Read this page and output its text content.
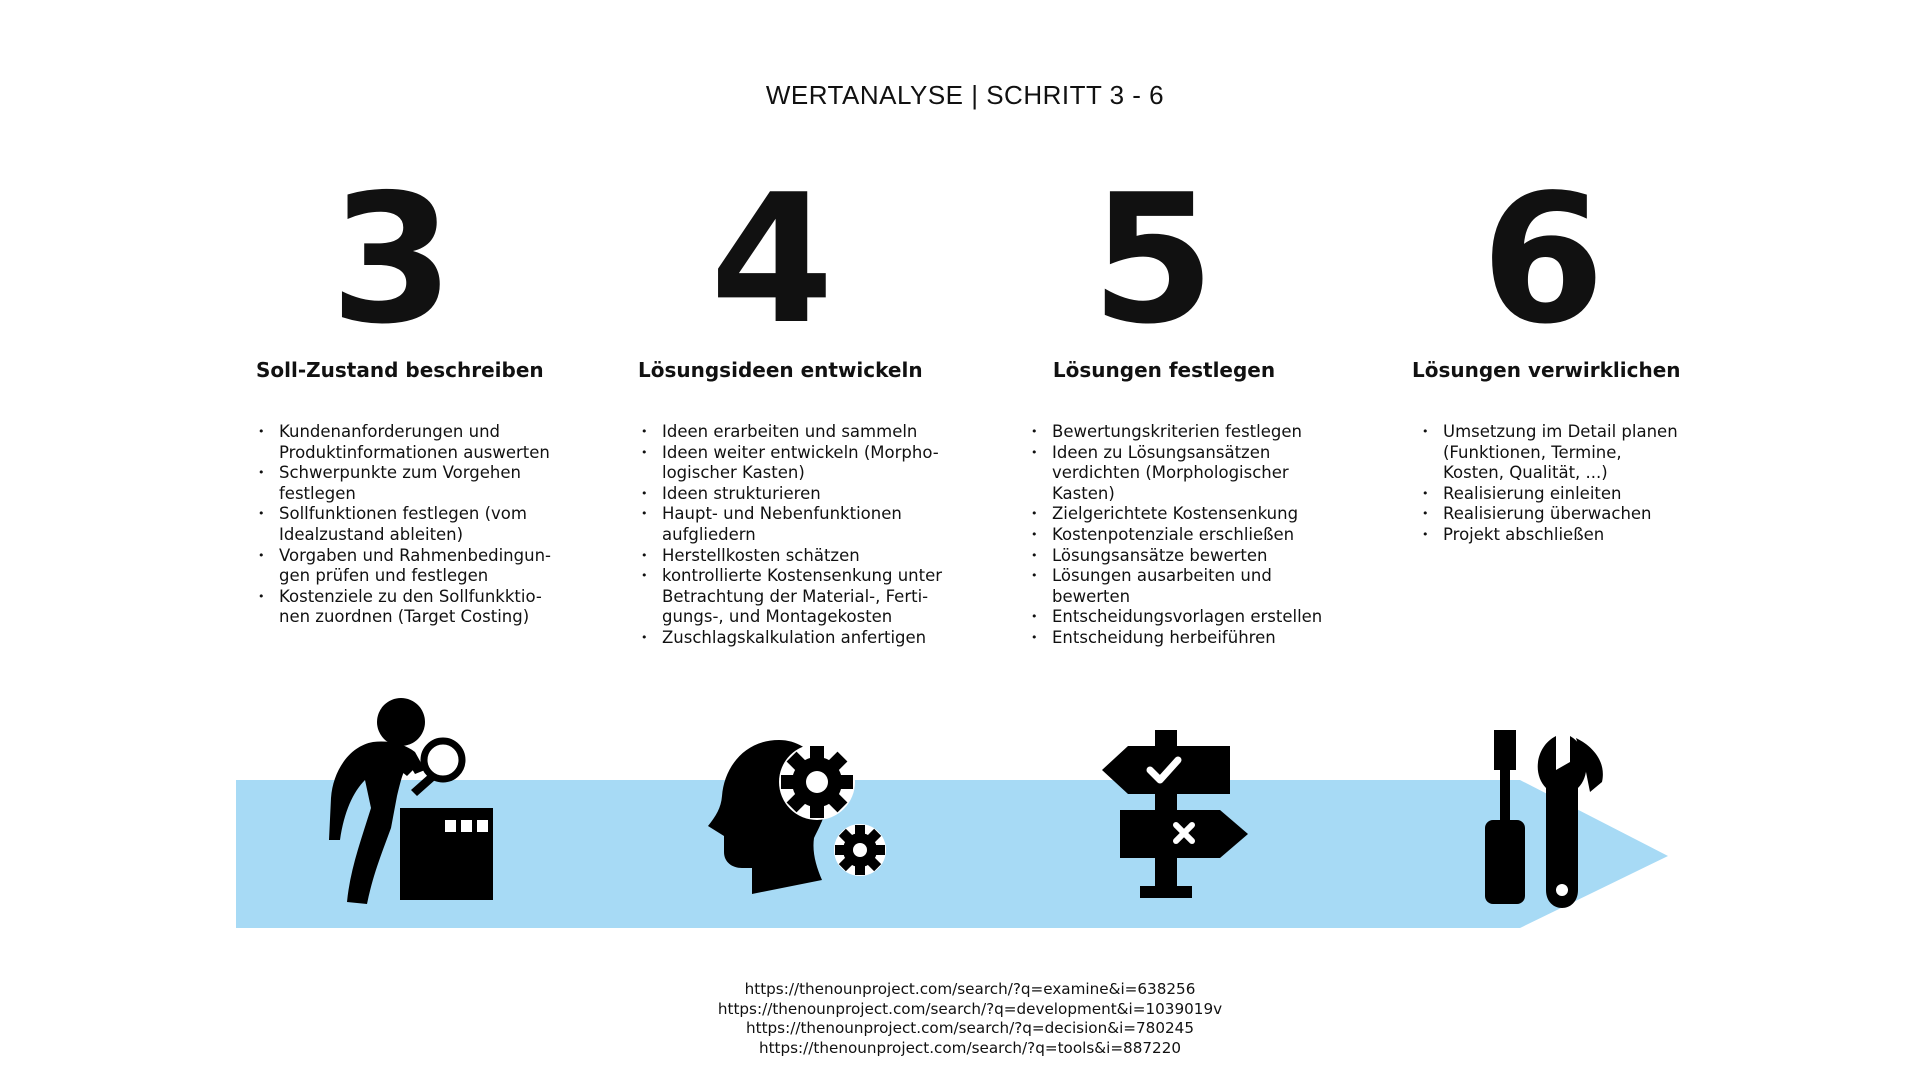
WERTANALYSE | SCHRITT 3 - 6
3
Soll-Zustand beschreiben
• Kundenanforderungen und
Produktinformationen auswerten
• Schwerpunkte zum Vorgehen
festlegen
• Sollfunktionen festlegen (vom
Idealzustand ableiten)
• Vorgaben und Rahmenbedingun-
gen prüfen und festlegen
• Kostenziele zu den Sollfunkktio-
nen zuordnen (Target Costing)
4
Lösungsideen entwickeln
• Ideen erarbeiten und sammeln
• Ideen weiter entwickeln (Morpho-
logischer Kasten)
• Ideen strukturieren
• Haupt- und Nebenfunktionen
aufgliedern
• Herstellkosten schätzen
• kontrollierte Kostensenkung unter
Betrachtung der Material-, Ferti-
gungs-, und Montagekosten
• Zuschlagskalkulation anfertigen
5
Lösungen festlegen
• Bewertungskriterien festlegen
• Ideen zu Lösungsansätzen
verdichten (Morphologischer
Kasten)
• Zielgerichtete Kostensenkung
• Kostenpotenziale erschließen
• Lösungsansätze bewerten
• Lösungen ausarbeiten und
bewerten
• Entscheidungsvorlagen erstellen
• Entscheidung herbeiführen
6
Lösungen verwirklichen
• Umsetzung im Detail planen
(Funktionen, Termine,
Kosten, Qualität, ...)
• Realisierung einleiten
• Realisierung überwachen
• Projekt abschließen
https://thenounproject.com/search/?q=examine&i=638256
https://thenounproject.com/search/?q=development&i=1039019v
https://thenounproject.com/search/?q=decision&i=780245
https://thenounproject.com/search/?q=tools&i=887220
